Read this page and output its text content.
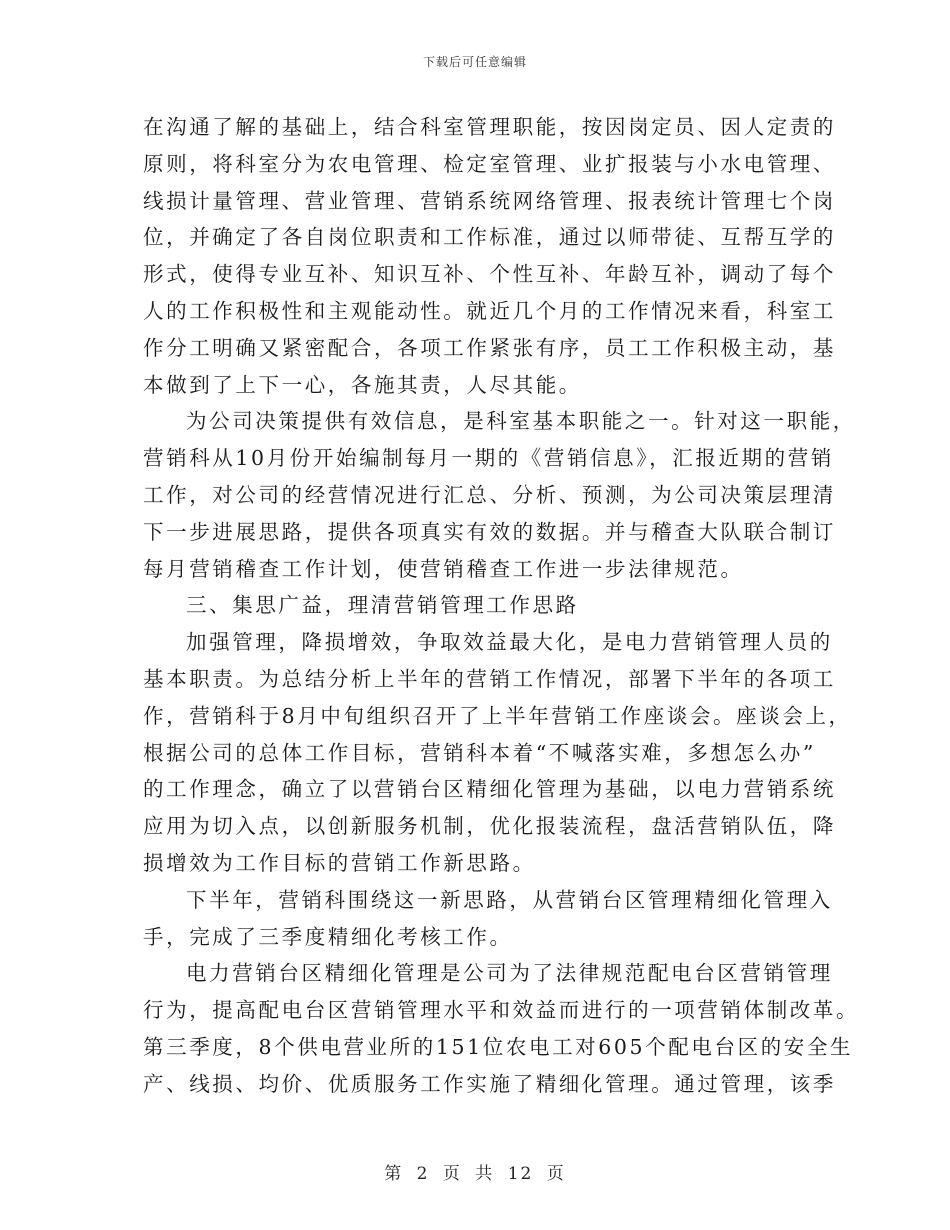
下载后可任意编辑
在沟通了解的基础上，结合科室管理职能，按因岗定员、因人定责的
原则，将科室分为农电管理、检定室管理、业扩报装与小水电管理、
线损计量管理、营业管理、营销系统网络管理、报表统计管理七个岗
位，并确定了各自岗位职责和工作标准，通过以师带徒、互帮互学的
形式，使得专业互补、知识互补、个性互补、年龄互补，调动了每个
人的工作积极性和主观能动性。就近几个月的工作情况来看，科室工
作分工明确又紧密配合，各项工作紧张有序，员工工作积极主动，基
本做到了上下一心，各施其责，人尽其能。
为公司决策提供有效信息，是科室基本职能之一。针对这一职能，
营销科从10月份开始编制每月一期的《营销信息》，汇报近期的营销
工作，对公司的经营情况进行汇总、分析、预测，为公司决策层理清
下一步进展思路，提供各项真实有效的数据。并与稽查大队联合制订
每月营销稽查工作计划，使营销稽查工作进一步法律规范。
三、集思广益，理清营销管理工作思路
加强管理，降损增效，争取效益最大化，是电力营销管理人员的
基本职责。为总结分析上半年的营销工作情况，部署下半年的各项工
作，营销科于8月中旬组织召开了上半年营销工作座谈会。座谈会上，
根据公司的总体工作目标，营销科本着“不喊落实难，多想怎么办”
的工作理念，确立了以营销台区精细化管理为基础，以电力营销系统
应用为切入点，以创新服务机制，优化报装流程，盘活营销队伍，降
损增效为工作目标的营销工作新思路。
下半年，营销科围绕这一新思路，从营销台区管理精细化管理入
手，完成了三季度精细化考核工作。
电力营销台区精细化管理是公司为了法律规范配电台区营销管理
行为，提高配电台区营销管理水平和效益而进行的一项营销体制改革。
第三季度，8个供电营业所的151位农电工对605个配电台区的安全生
产、线损、均价、优质服务工作实施了精细化管理。通过管理，该季
第 2 页 共 12 页
